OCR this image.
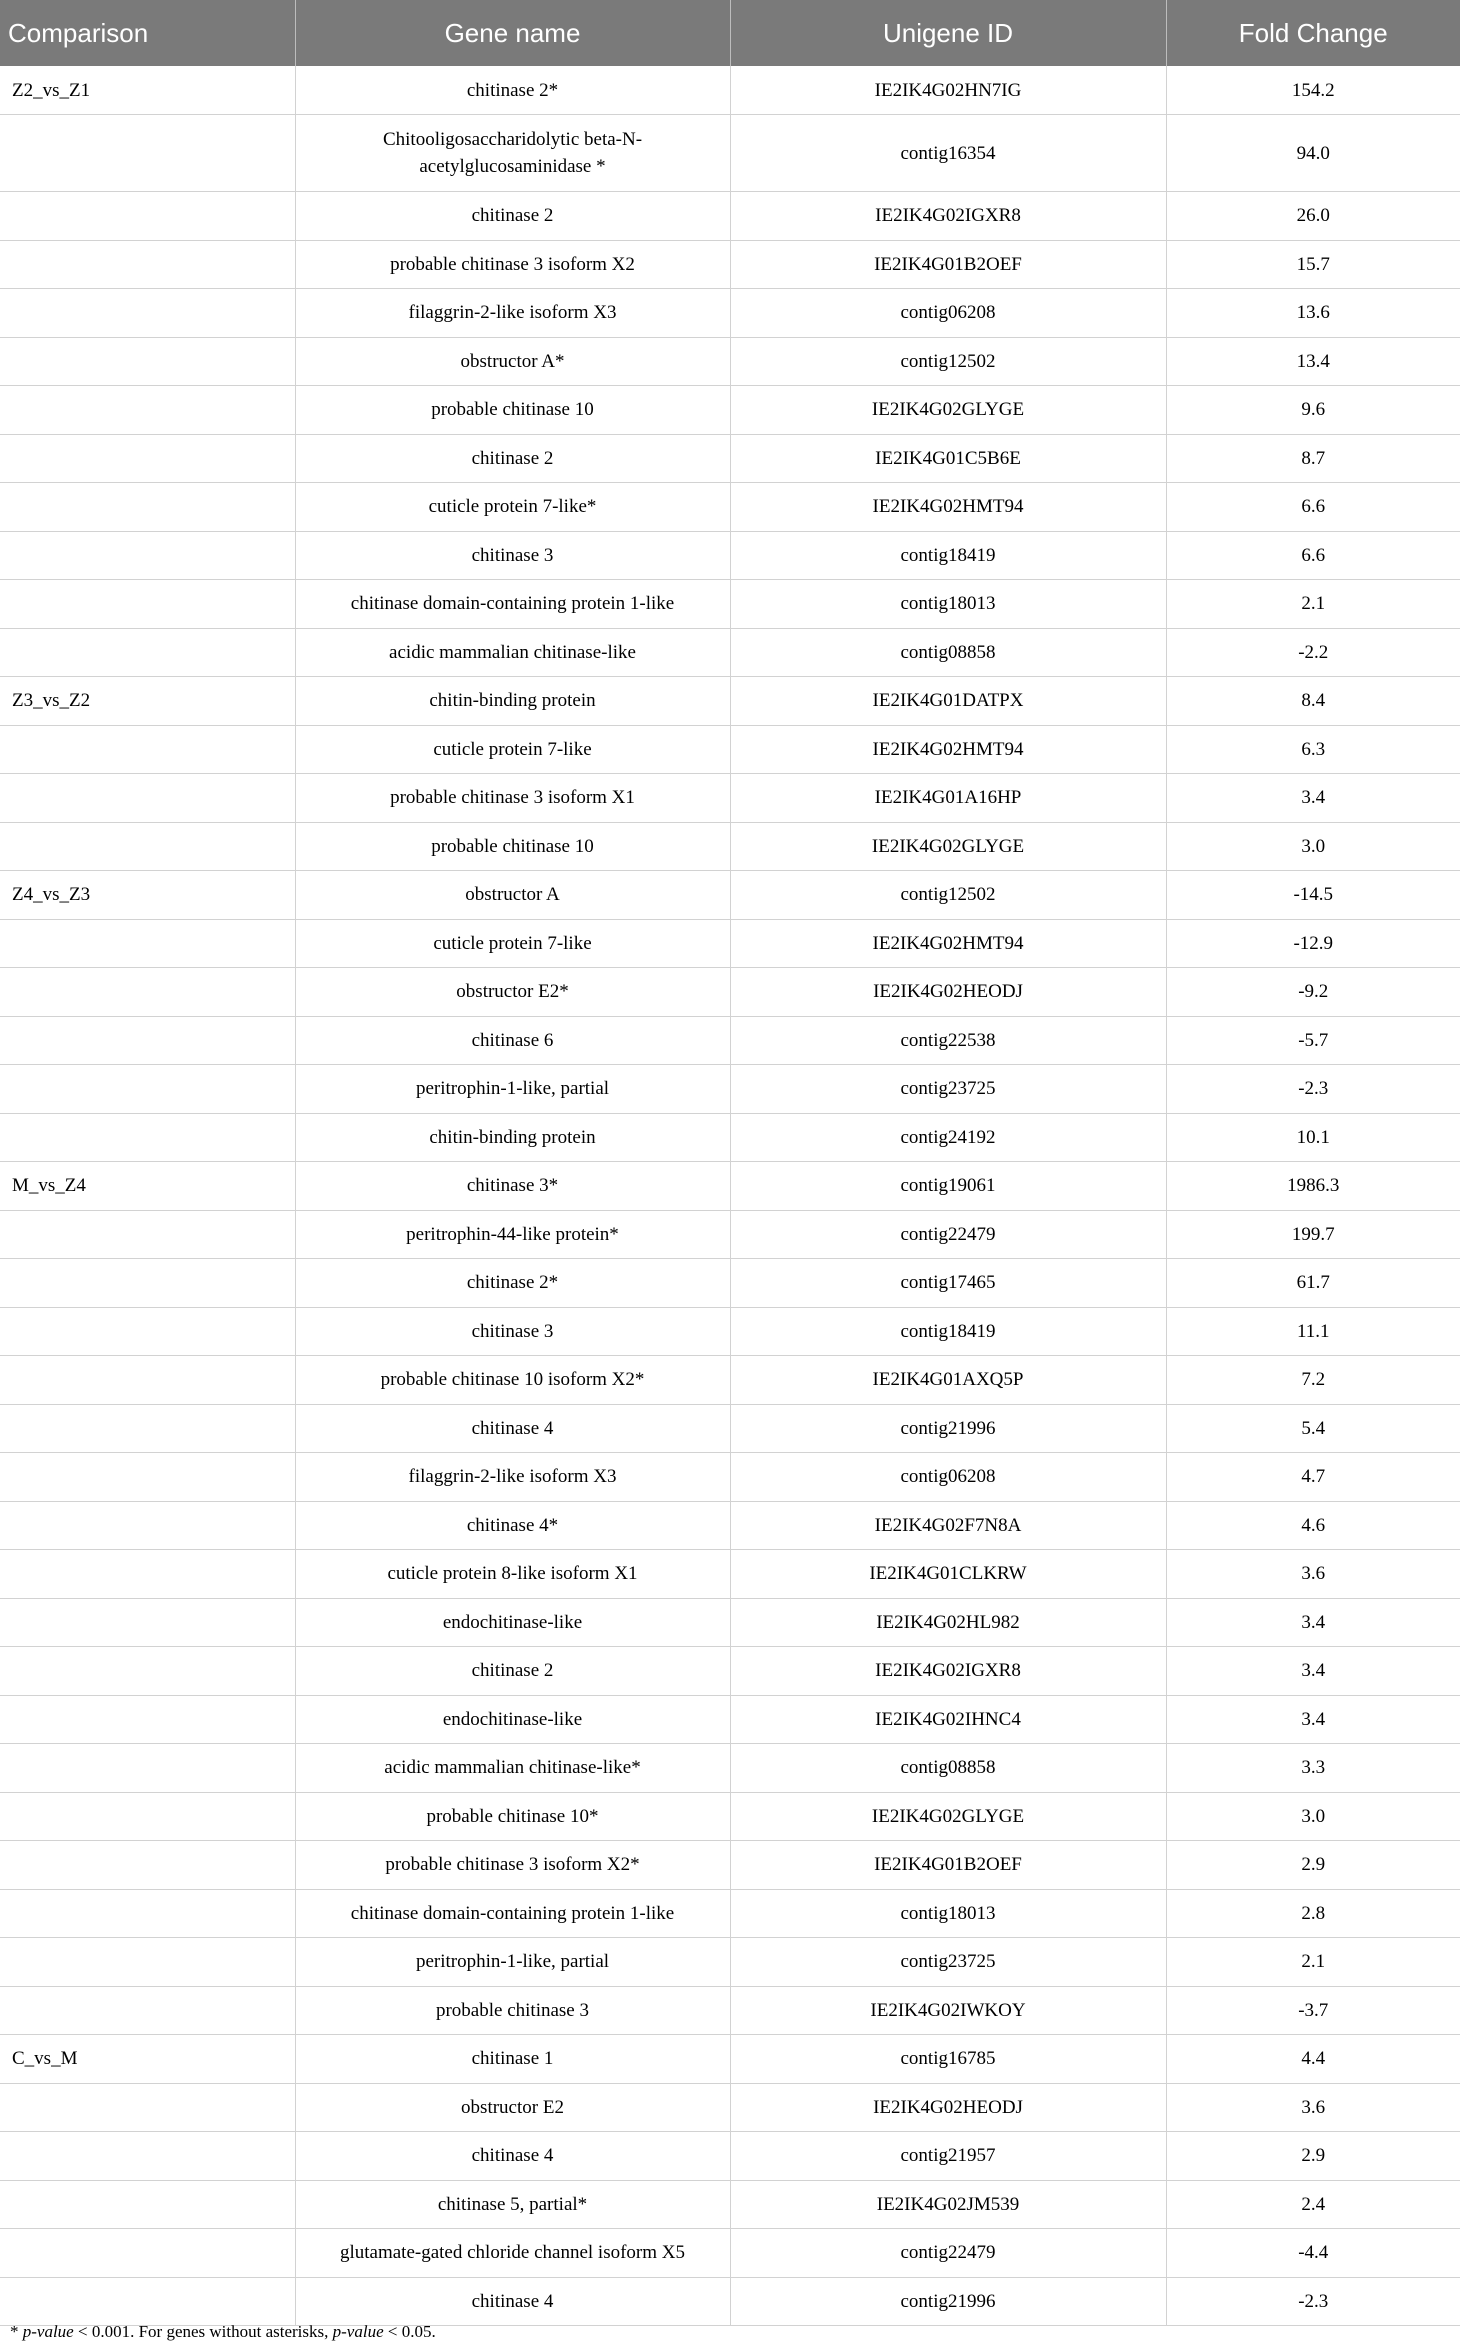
Comparison	Gene name	Unigene ID	Fold Change
Z2_vs_Z1	chitinase 2*	IE2IK4G02HN7IG	154.2
	Chitooligosaccharidolytic beta-N-acetylglucosaminidase *	contig16354	94.0
	chitinase 2	IE2IK4G02IGXR8	26.0
	probable chitinase 3 isoform X2	IE2IK4G01B2OEF	15.7
	filaggrin-2-like isoform X3	contig06208	13.6
	obstructor A*	contig12502	13.4
	probable chitinase 10	IE2IK4G02GLYGE	9.6
	chitinase 2	IE2IK4G01C5B6E	8.7
	cuticle protein 7-like*	IE2IK4G02HMT94	6.6
	chitinase 3	contig18419	6.6
	chitinase domain-containing protein 1-like	contig18013	2.1
	acidic mammalian chitinase-like	contig08858	-2.2
Z3_vs_Z2	chitin-binding protein	IE2IK4G01DATPX	8.4
	cuticle protein 7-like	IE2IK4G02HMT94	6.3
	probable chitinase 3 isoform X1	IE2IK4G01A16HP	3.4
	probable chitinase 10	IE2IK4G02GLYGE	3.0
Z4_vs_Z3	obstructor A	contig12502	-14.5
	cuticle protein 7-like	IE2IK4G02HMT94	-12.9
	obstructor E2*	IE2IK4G02HEODJ	-9.2
	chitinase 6	contig22538	-5.7
	peritrophin-1-like, partial	contig23725	-2.3
	chitin-binding protein	contig24192	10.1
M_vs_Z4	chitinase 3*	contig19061	1986.3
	peritrophin-44-like protein*	contig22479	199.7
	chitinase 2*	contig17465	61.7
	chitinase 3	contig18419	11.1
	probable chitinase 10 isoform X2*	IE2IK4G01AXQ5P	7.2
	chitinase 4	contig21996	5.4
	filaggrin-2-like isoform X3	contig06208	4.7
	chitinase 4*	IE2IK4G02F7N8A	4.6
	cuticle protein 8-like isoform X1	IE2IK4G01CLKRW	3.6
	endochitinase-like	IE2IK4G02HL982	3.4
	chitinase 2	IE2IK4G02IGXR8	3.4
	endochitinase-like	IE2IK4G02IHNC4	3.4
	acidic mammalian chitinase-like*	contig08858	3.3
	probable chitinase 10*	IE2IK4G02GLYGE	3.0
	probable chitinase 3 isoform X2*	IE2IK4G01B2OEF	2.9
	chitinase domain-containing protein 1-like	contig18013	2.8
	peritrophin-1-like, partial	contig23725	2.1
	probable chitinase 3	IE2IK4G02IWKOY	-3.7
C_vs_M	chitinase 1	contig16785	4.4
	obstructor E2	IE2IK4G02HEODJ	3.6
	chitinase 4	contig21957	2.9
	chitinase 5, partial*	IE2IK4G02JM539	2.4
	glutamate-gated chloride channel isoform X5	contig22479	-4.4
	chitinase 4	contig21996	-2.3
* p-value < 0.001. For genes without asterisks, p-value < 0.05.
